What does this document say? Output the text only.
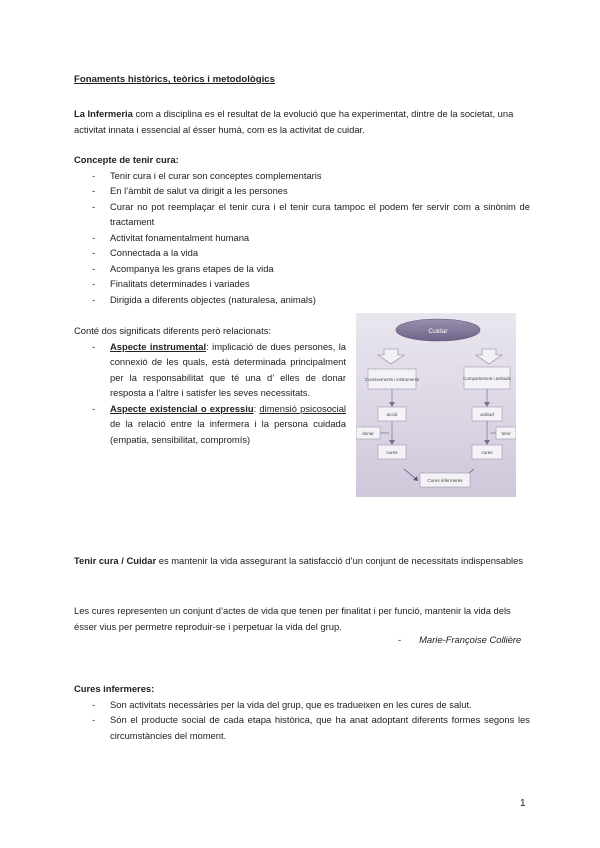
Fonaments històrics, teòrics i metodològics
La Infermeria com a disciplina es el resultat de la evolució que ha experimentat, dintre de la societat, una activitat innata i essencial al ésser humà, com es la activitat de cuidar.
Concepte de tenir cura:
- Tenir cura i el curar son conceptes complementaris
- En l’àmbit de salut va dirigit a les persones
- Curar no pot reemplaçar el tenir cura i el tenir cura tampoc el podem fer servir com a sinònim de tractament
- Activitat fonamentalment humana
- Connectada a la vida
- Acompanya les grans etapes de la vida
- Finalitats determinades i variades
- Dirigida a diferents objectes (naturalesa, animals)
Conté dos significats diferents però relacionats:
- Aspecte instrumental: implicació de dues persones, la connexió de les quals, està determinada principalment per la responsabilitat que té una d’ elles de donar resposta a l’altre i satisfer les seves necessitats.
- Aspecte existencial o expressiu: dimensió psicosocial de la relació entre la infermera i la persona cuidada (empatia, sensibilitat, compromís)
Cuidar
Coneixements i instruments	Comportament i actituds
acció	actitud
donar	tenir
cures	cures
Cures infermeres
Tenir cura / Cuidar es mantenir la vida assegurant la satisfacció d’un conjunt de necessitats indispensables
Les cures representen un conjunt d’actes de vida que tenen per finalitat i per funció, mantenir la vida dels ésser vius per permetre reproduir-se i perpetuar la vida del grup.
- Marie-Françoise Collière
Cures infermeres:
- Son activitats necessàries per la vida del grup, que es tradueixen en les cures de salut.
- Són el producte social de cada etapa històrica, que ha anat adoptant diferents formes segons les circumstàncies del moment.
1
